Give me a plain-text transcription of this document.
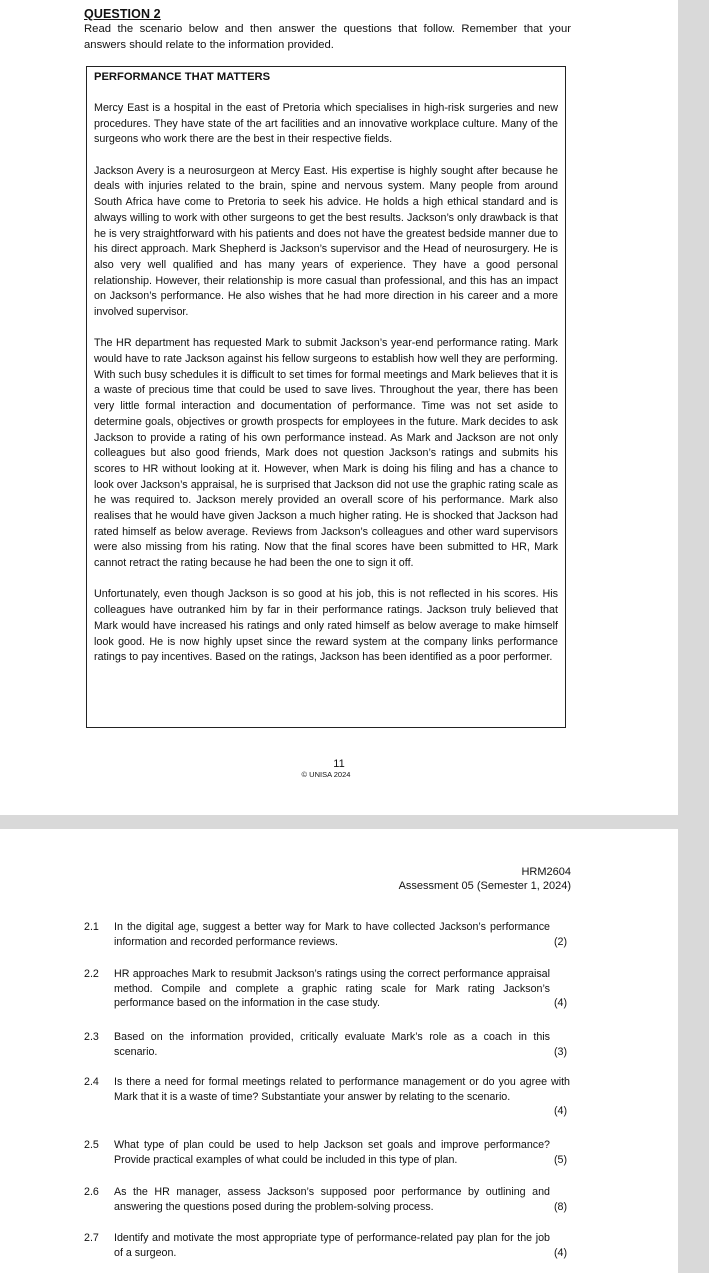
QUESTION 2
Read the scenario below and then answer the questions that follow. Remember that your answers should relate to the information provided.
PERFORMANCE THAT MATTERS

Mercy East is a hospital in the east of Pretoria which specialises in high-risk surgeries and new procedures. They have state of the art facilities and an innovative workplace culture. Many of the surgeons who work there are the best in their respective fields.

Jackson Avery is a neurosurgeon at Mercy East. His expertise is highly sought after because he deals with injuries related to the brain, spine and nervous system. Many people from around South Africa have come to Pretoria to seek his advice. He holds a high ethical standard and is always willing to work with other surgeons to get the best results. Jackson’s only drawback is that he is very straightforward with his patients and does not have the greatest bedside manner due to his direct approach. Mark Shepherd is Jackson’s supervisor and the Head of neurosurgery. He is also very well qualified and has many years of experience. They have a good personal relationship. However, their relationship is more casual than professional, and this has an impact on Jackson’s performance. He also wishes that he had more direction in his career and a more involved supervisor.

The HR department has requested Mark to submit Jackson’s year-end performance rating. Mark would have to rate Jackson against his fellow surgeons to establish how well they are performing. With such busy schedules it is difficult to set times for formal meetings and Mark believes that it is a waste of precious time that could be used to save lives. Throughout the year, there has been very little formal interaction and documentation of performance. Time was not set aside to determine goals, objectives or growth prospects for employees in the future. Mark decides to ask Jackson to provide a rating of his own performance instead. As Mark and Jackson are not only colleagues but also good friends, Mark does not question Jackson’s ratings and submits his scores to HR without looking at it. However, when Mark is doing his filing and has a chance to look over Jackson’s appraisal, he is surprised that Jackson did not use the graphic rating scale as he was required to. Jackson merely provided an overall score of his performance. Mark also realises that he would have given Jackson a much higher rating. He is shocked that Jackson had rated himself as below average. Reviews from Jackson’s colleagues and other ward supervisors were also missing from his rating. Now that the final scores have been submitted to HR, Mark cannot retract the rating because he had been the one to sign it off.

Unfortunately, even though Jackson is so good at his job, this is not reflected in his scores. His colleagues have outranked him by far in their performance ratings. Jackson truly believed that Mark would have increased his ratings and only rated himself as below average to make himself look good. He is now highly upset since the reward system at the company links performance ratings to pay incentives. Based on the ratings, Jackson has been identified as a poor performer.

11
© UNISA 2024
HRM2604
Assessment 05 (Semester 1, 2024)
2.1 In the digital age, suggest a better way for Mark to have collected Jackson’s performance information and recorded performance reviews.	(2)
2.2 HR approaches Mark to resubmit Jackson’s ratings using the correct performance appraisal method. Compile and complete a graphic rating scale for Mark rating Jackson’s performance based on the information in the case study.	(4)
2.3 Based on the information provided, critically evaluate Mark’s role as a coach in this scenario.	(3)
2.4 Is there a need for formal meetings related to performance management or do you agree with Mark that it is a waste of time? Substantiate your answer by relating to the scenario.
(4)
2.5 What type of plan could be used to help Jackson set goals and improve performance? Provide practical examples of what could be included in this type of plan.	(5)
2.6 As the HR manager, assess Jackson’s supposed poor performance by outlining and answering the questions posed during the problem-solving process.	(8)
2.7 Identify and motivate the most appropriate type of performance-related pay plan for the job of a surgeon.	(4)
